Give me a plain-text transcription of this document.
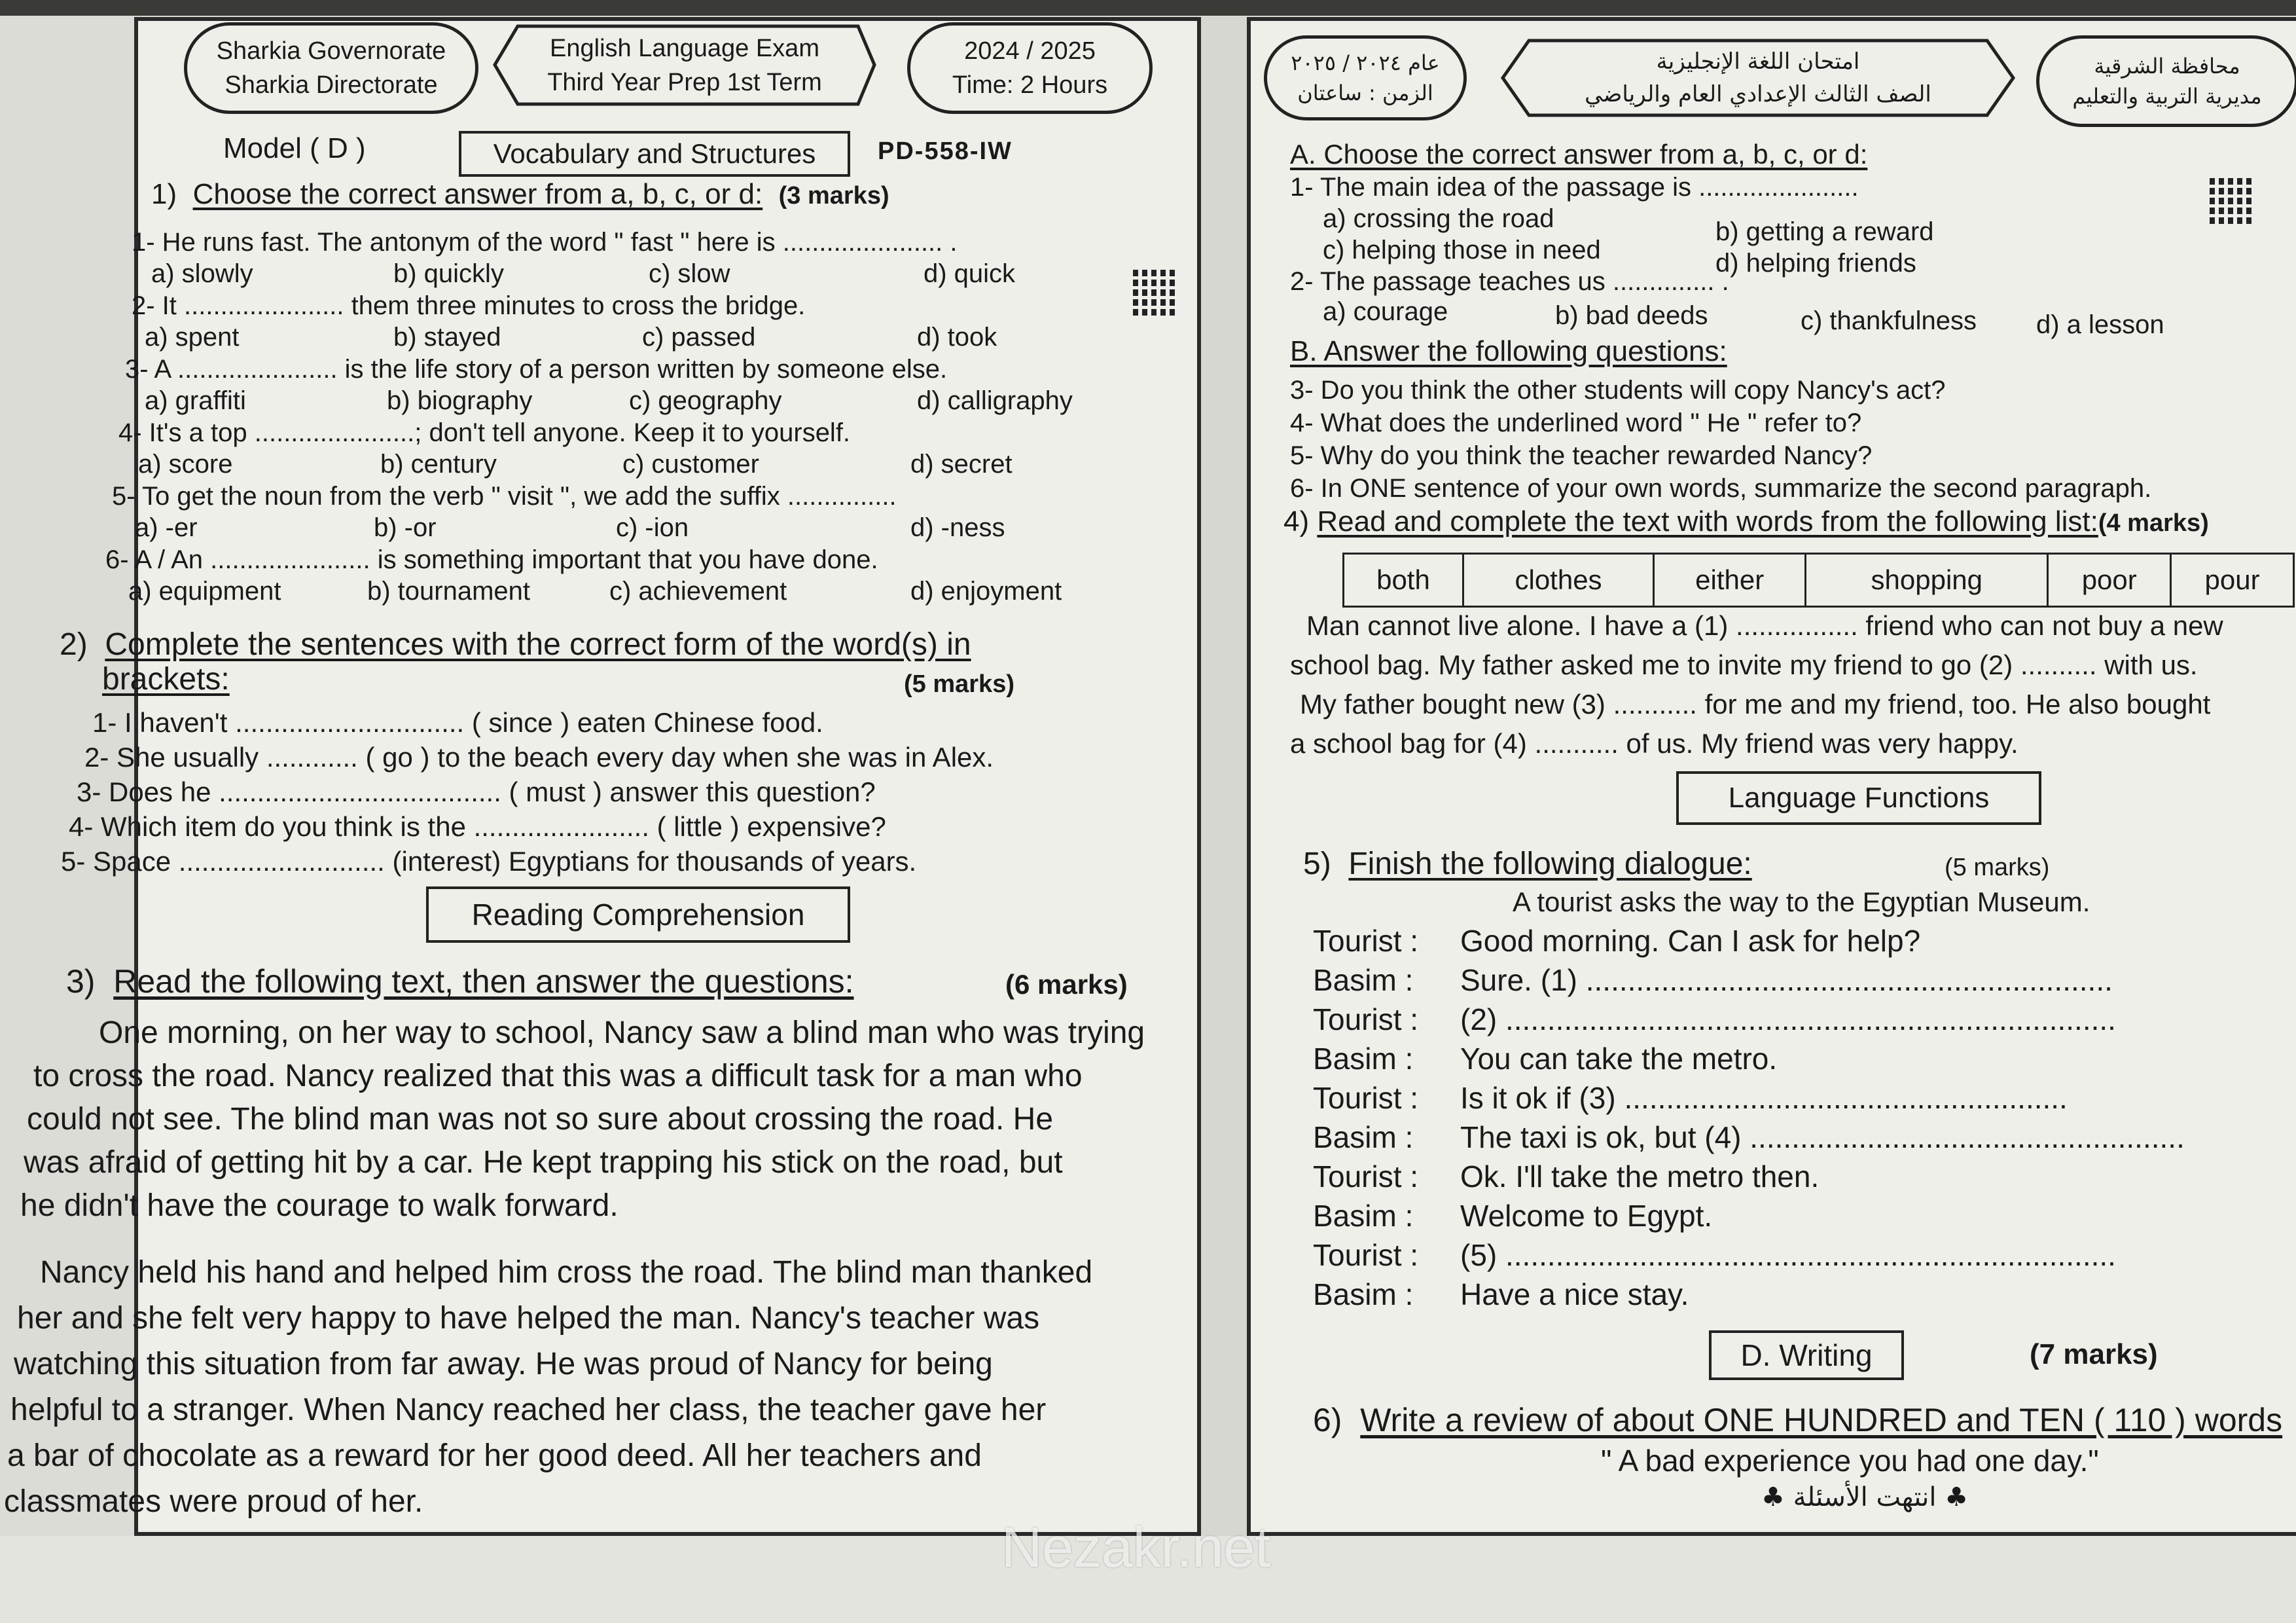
Sharkia Governorate
Sharkia Directorate
English Language Exam
Third Year Prep 1st Term
2024 / 2025
Time: 2 Hours
Model ( D )	Vocabulary and Structures PD-558-IW
1) Choose the correct answer from a, b, c, or d: (3 marks)
1- He runs fast. The antonym of the word " fast " here is ...................... .
a) slowly	b) quickly	c) slow	d) quick
2- It ...................... them three minutes to cross the bridge.
a) spent	b) stayed	c) passed	d) took
3- A ...................... is the life story of a person written by someone else.
a) graffiti	b) biography	c) geography	d) calligraphy
4- It's a top ......................; don't tell anyone. Keep it to yourself.
a) score	b) century	c) customer	d) secret
5- To get the noun from the verb " visit ", we add the suffix ...............
a) -er	b) -or	c) -ion	d) -ness
6- A / An ...................... is something important that you have done.
a) equipment	b) tournament	c) achievement	d) enjoyment
2) Complete the sentences with the correct form of the word(s) in
brackets:	(5 marks)
1- I haven't .............................. ( since ) eaten Chinese food.
2- She usually ............ ( go ) to the beach every day when she was in Alex.
3- Does he ..................................... ( must ) answer this question?
4- Which item do you think is the ....................... ( little ) expensive?
5- Space ........................... (interest) Egyptians for thousands of years.
Reading Comprehension
3) Read the following text, then answer the questions:	(6 marks)
One morning, on her way to school, Nancy saw a blind man who was trying
to cross the road. Nancy realized that this was a difficult task for a man who
could not see. The blind man was not so sure about crossing the road. He
was afraid of getting hit by a car. He kept trapping his stick on the road, but
he didn't have the courage to walk forward.
Nancy held his hand and helped him cross the road. The blind man thanked
her and she felt very happy to have helped the man. Nancy's teacher was
watching this situation from far away. He was proud of Nancy for being
helpful to a stranger. When Nancy reached her class, the teacher gave her
a bar of chocolate as a reward for her good deed. All her teachers and
classmates were proud of her.
عام ٢٠٢٤ / ٢٠٢٥
الزمن : ساعتان
امتحان اللغة الإنجليزية
الصف الثالث الإعدادي العام والرياضي
محافظة الشرقية
مديرية التربية والتعليم
A. Choose the correct answer from a, b, c, or d:
1- The main idea of the passage is ......................
a) crossing the road	b) getting a reward
c) helping those in need	d) helping friends
2- The passage teaches us .............. .
a) courage	b) bad deeds	c) thankfulness d) a lesson
B. Answer the following questions:
3- Do you think the other students will copy Nancy's act?
4- What does the underlined word " He " refer to?
5- Why do you think the teacher rewarded Nancy?
6- In ONE sentence of your own words, summarize the second paragraph.
4) Read and complete the text with words from the following list:(4 marks)
both	clothes	either	shopping	poor	pour
Man cannot live alone. I have a (1) ................ friend who can not buy a new
school bag. My father asked me to invite my friend to go (2) .......... with us.
My father bought new (3) ........... for me and my friend, too. He also bought
a school bag for (4) ........... of us. My friend was very happy.
Language Functions
5) Finish the following dialogue:	(5 marks)
A tourist asks the way to the Egyptian Museum.
Tourist : Good morning. Can I ask for help?
Basim : Sure. (1) ...............................................................
Tourist : (2) .........................................................................
Basim : You can take the metro.
Tourist : Is it ok if (3) .....................................................
Basim : The taxi is ok, but (4) ....................................................
Tourist : Ok. I'll take the metro then.
Basim : Welcome to Egypt.
Tourist : (5) .........................................................................
Basim : Have a nice stay.
D. Writing	(7 marks)
6) Write a review of about ONE HUNDRED and TEN ( 110 ) words
" A bad experience you had one day."
♣ انتهت الأسئلة ♣
Nezakr.net
